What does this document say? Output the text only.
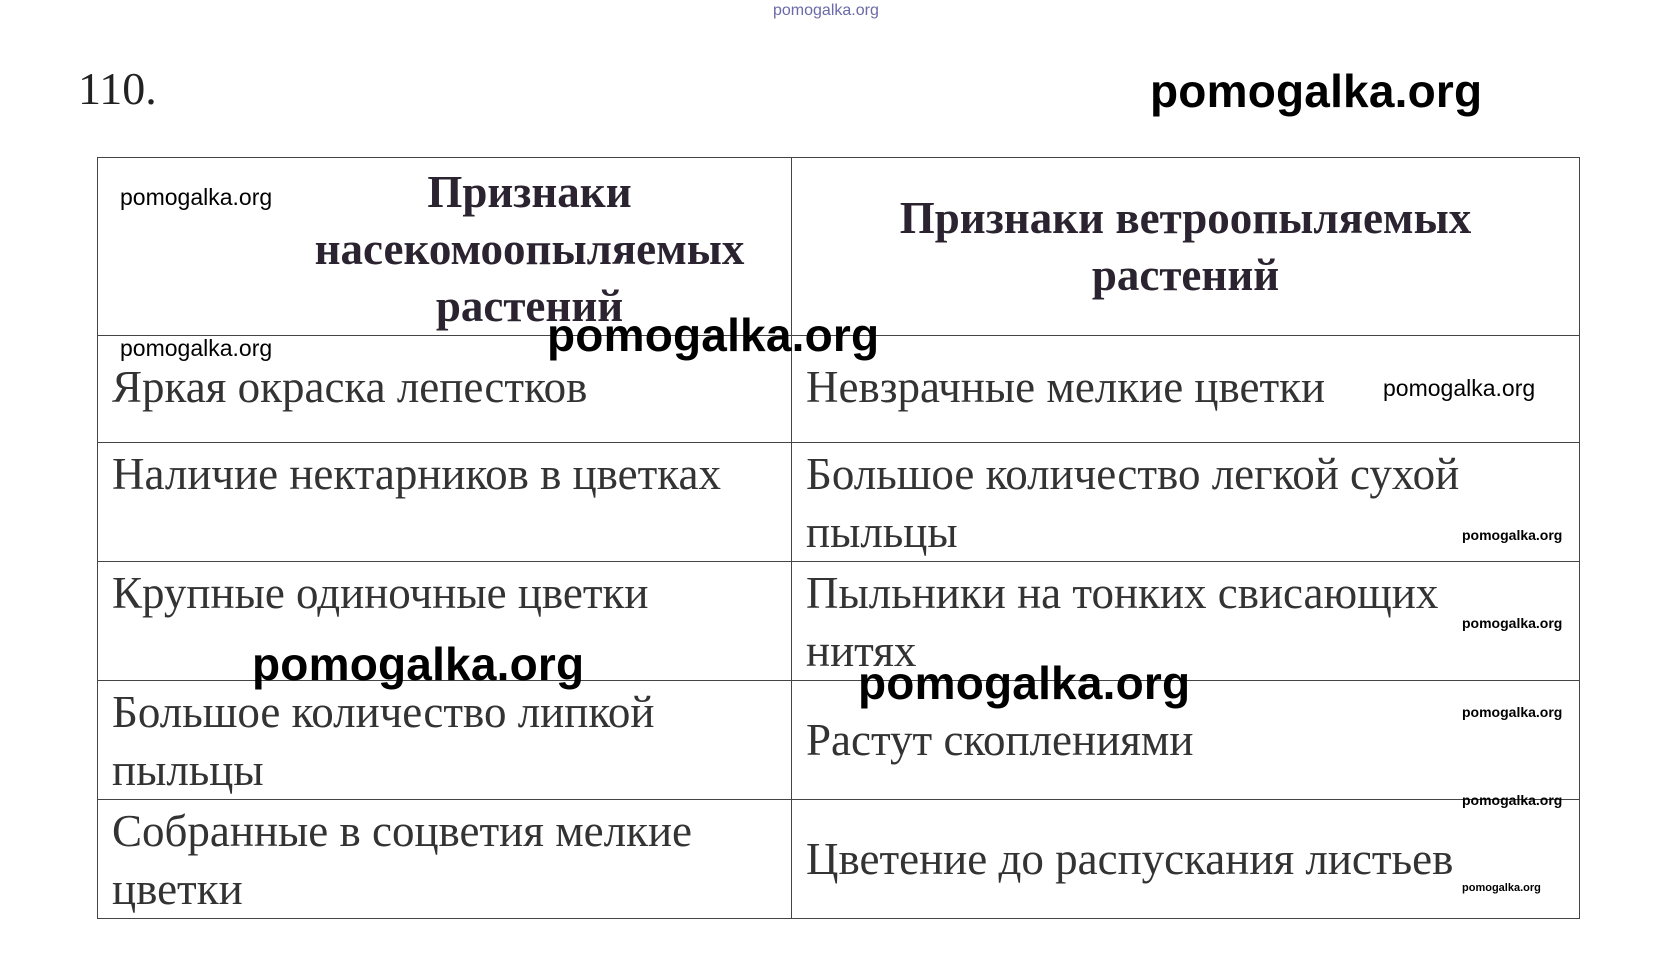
pomogalka.org
110.	pomogalka.org
Признаки насекомоопыляемых растений	Признаки ветроопыляемых растений

Яркая окраска лепестков	Невзрачные мелкие цветки

Наличие нектарников в цветках	Большое количество легкой сухой пыльцы

Крупные одиночные цветки	Пыльники на тонких свисающих нитях

Большое количество липкой пыльцы	Растут скоплениями

Собранные в соцветия мелкие цветки	Цветение до распускания листьев
pomogalka.org
pomogalka.org	pomogalka.org
pomogalka.org
pomogalka.org
pomogalka.org
pomogalka.org	pomogalka.org
pomogalka.org
pomogalka.org
pomogalka.org
